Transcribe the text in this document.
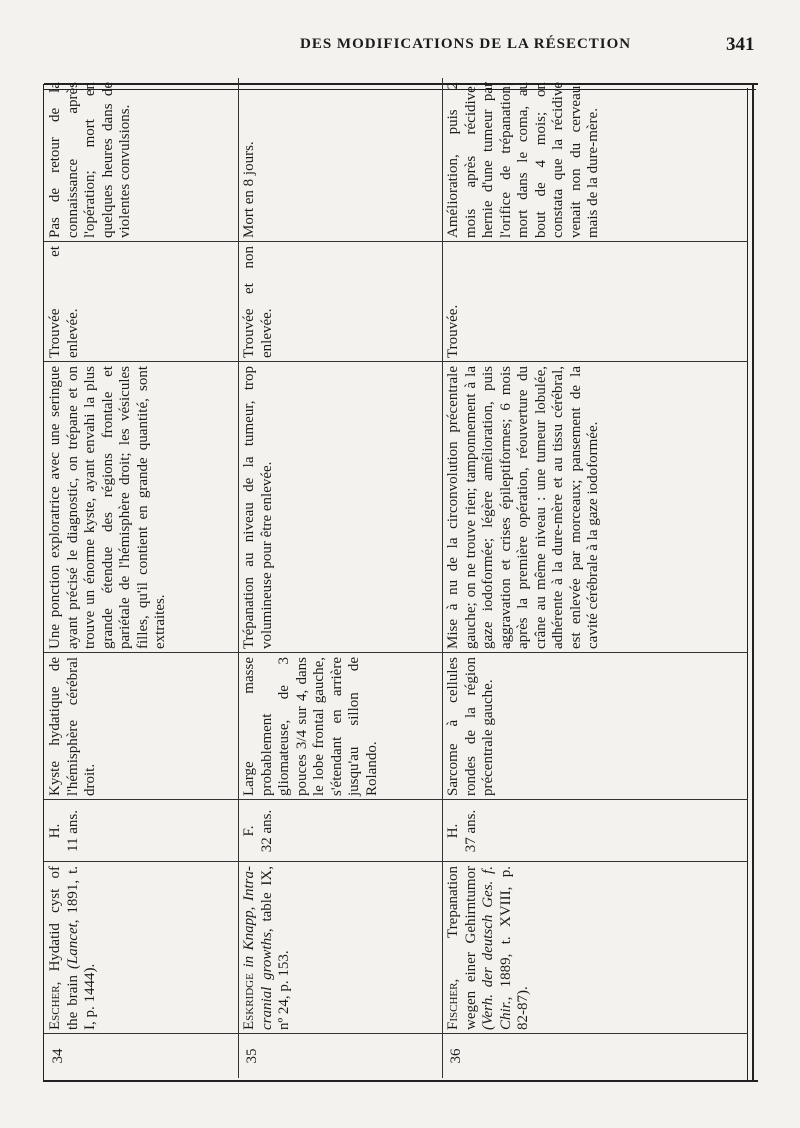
DES MODIFICATIONS DE LA RÉSECTION	341
34
Escher, Hydatid cyst of the brain (Lancet, 1891, t. I, p. 1444).
H. 11 ans.
Kyste hydatique de l'hémisphère cérébral droit.
Une ponction exploratrice avec une seringue ayant précisé le diagnostic, on trépane et on trouve un énorme kyste, ayant envahi la plus grande étendue des régions frontale et pariétale de l'hémisphère droit; les vésicules filles, qu'il contient en grande quantité, sont extraites.
Trouvée et enlevée.
Pas de retour de la connaissance après l'opération; mort en quelques heures dans de violentes convulsions.
35
Eskridge in Knapp, Intra-cranial growths, table IX, nº 24, p. 153.
F. 32 ans.
Large masse probablement gliomateuse, de 3 pouces 3/4 sur 4, dans le lobe frontal gauche, s'étendant en arrière jusqu'au sillon de Rolando.
Trépanation au niveau de la tumeur, trop volumineuse pour être enlevée.
Trouvée et non enlevée.
Mort en 8 jours.
36
Fischer, Trepanation wegen einer Gehirntumor (Verh. der deutsch Ges. f. Chir., 1889, t. XVIII, p. 82-87).
H. 37 ans.
Sarcome à cellules rondes de la région précentrale gauche.
Mise à nu de la circonvolution précentrale gauche; on ne trouve rien; tamponnement à la gaze iodoformée; légère amélioration, puis aggravation et crises épileptiformes; 6 mois après la première opération, réouverture du crâne au même niveau : une tumeur lobulée, adhérente à la dure-mère et au tissu cérébral, est enlevée par morceaux; pansement de la cavité cérébrale à la gaze iodoformée.
Trouvée.
Amélioration, puis 2 mois après récidive; hernie d'une tumeur par l'orifice de trépanation; mort dans le coma, au bout de 4 mois; on constata que la récidive venait non du cerveau, mais de la dure-mère.
